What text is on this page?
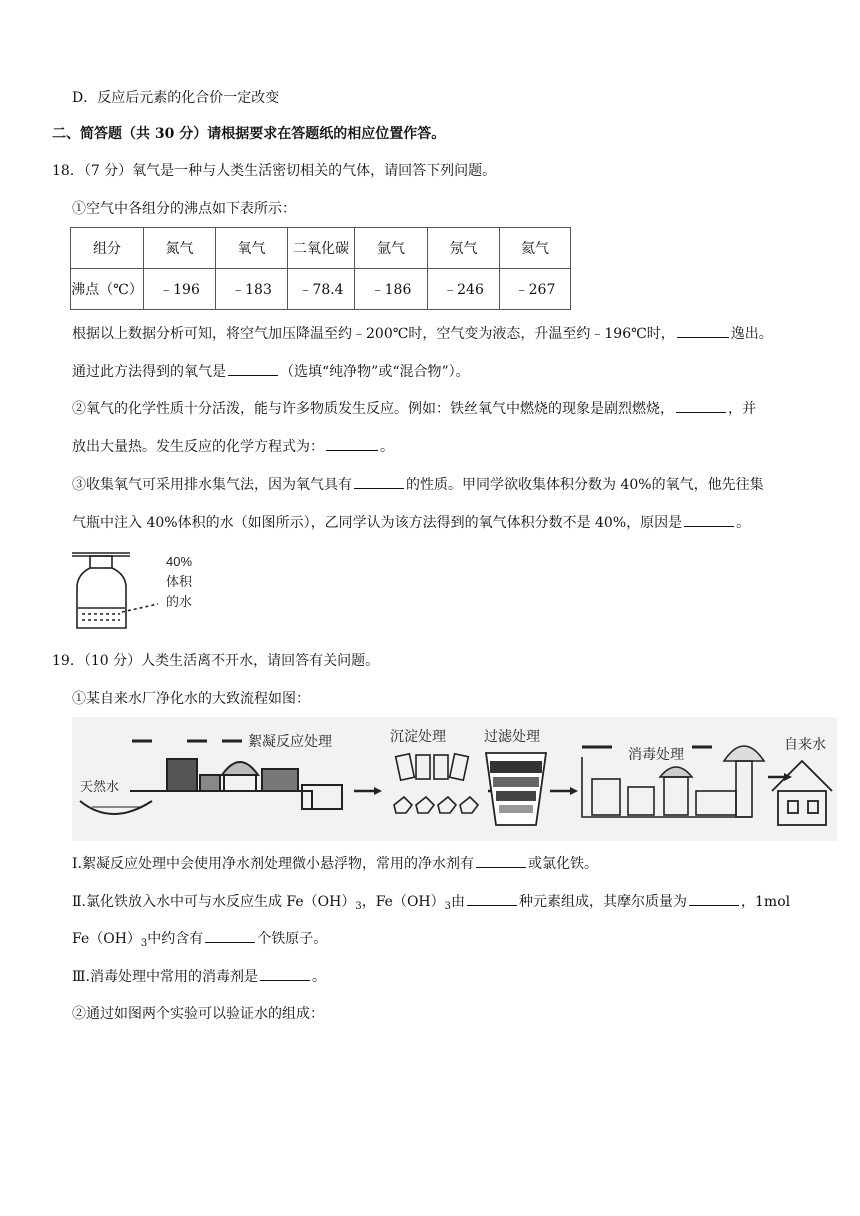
D．反应后元素的化合价一定改变
二、简答题（共 30 分）请根据要求在答题纸的相应位置作答。
18．（7 分）氧气是一种与人类生活密切相关的气体，请回答下列问题。
①空气中各组分的沸点如下表所示：
组分	氮气	氧气	二氧化碳	氩气	氖气	氦气
沸点（℃）	﹣196	﹣183	﹣78.4	﹣186	﹣246	﹣267
根据以上数据分析可知，将空气加压降温至约﹣200℃时，空气变为液态，升温至约﹣196℃时，	逸出。
通过此方法得到的氧气是	（选填“纯净物”或“混合物”）。
②氧气的化学性质十分活泼，能与许多物质发生反应。例如：铁丝氧气中燃烧的现象是剧烈燃烧，	，并
放出大量热。发生反应的化学方程式为：	。
③收集氧气可采用排水集气法，因为氧气具有	的性质。甲同学欲收集体积分数为 40%的氧气，他先往集
气瓶中注入 40%体积的水（如图所示），乙同学认为该方法得到的氧气体积分数不是 40%，原因是	。
40%
体积
的水
19．（10 分）人类生活离不开水，请回答有关问题。
①某自来水厂净化水的大致流程如图：
天然水
絮凝反应处理	沉淀处理	过滤处理
消毒处理
自来水
Ⅰ.絮凝反应处理中会使用净水剂处理微小悬浮物，常用的净水剂有	或氯化铁。
Ⅱ.氯化铁放入水中可与水反应生成 $Fe(OH)_3$，$Fe(OH)_3$由	种元素组成，其摩尔质量为	，1mol
$Fe(OH)_3$中约含有	个铁原子。
Ⅲ.消毒处理中常用的消毒剂是	。
②通过如图两个实验可以验证水的组成：
